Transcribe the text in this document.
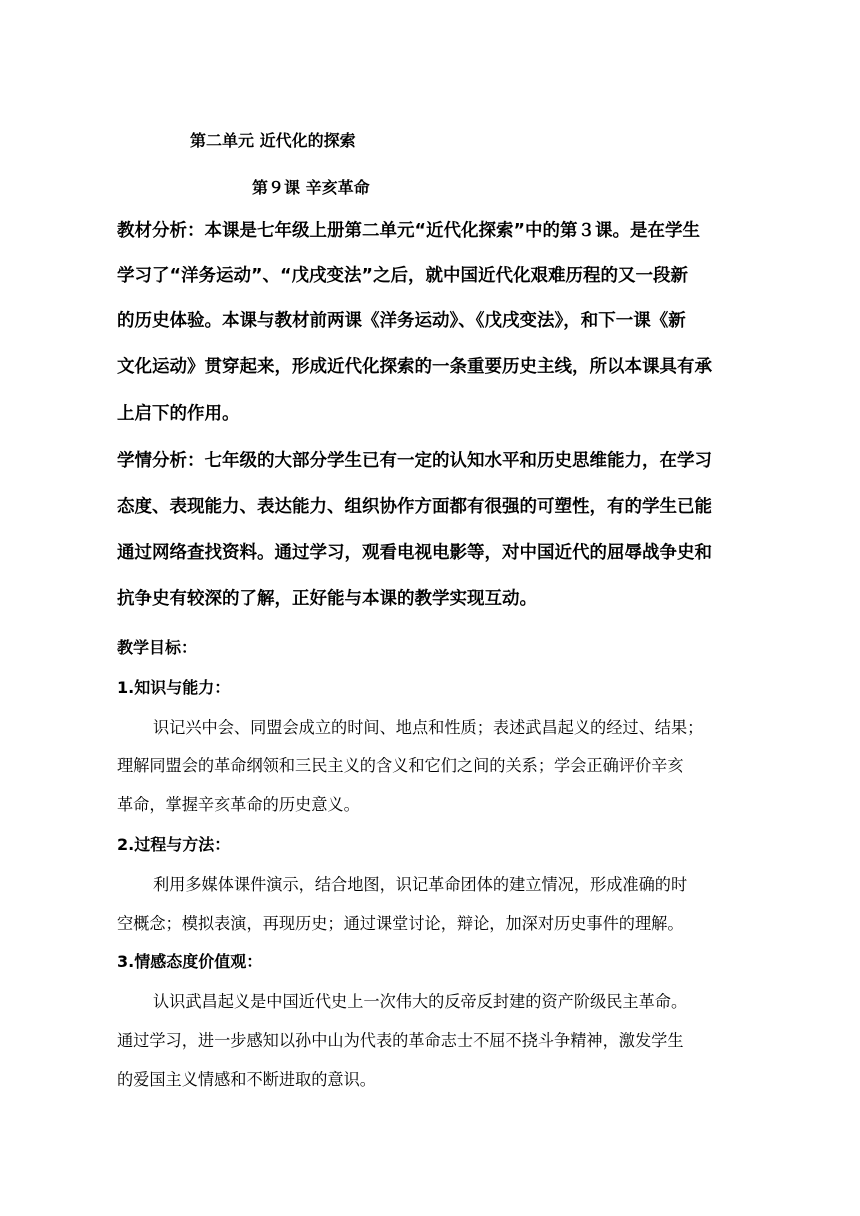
第二单元 近代化的探索
第９课 辛亥革命
教材分析：本课是七年级上册第二单元“近代化探索”中的第３课。是在学生
学习了“洋务运动”、“戊戌变法”之后，就中国近代化艰难历程的又一段新
的历史体验。本课与教材前两课《洋务运动》、《戊戌变法》，和下一课《新
文化运动》贯穿起来，形成近代化探索的一条重要历史主线，所以本课具有承
上启下的作用。
学情分析：七年级的大部分学生已有一定的认知水平和历史思维能力，在学习
态度、表现能力、表达能力、组织协作方面都有很强的可塑性，有的学生已能
通过网络查找资料。通过学习，观看电视电影等，对中国近代的屈辱战争史和
抗争史有较深的了解，正好能与本课的教学实现互动。
教学目标：
1.知识与能力：
识记兴中会、同盟会成立的时间、地点和性质；表述武昌起义的经过、结果；
理解同盟会的革命纲领和三民主义的含义和它们之间的关系；学会正确评价辛亥
革命，掌握辛亥革命的历史意义。
2.过程与方法：
利用多媒体课件演示，结合地图，识记革命团体的建立情况，形成准确的时
空概念；模拟表演，再现历史；通过课堂讨论，辩论，加深对历史事件的理解。
3.情感态度价值观：
认识武昌起义是中国近代史上一次伟大的反帝反封建的资产阶级民主革命。
通过学习，进一步感知以孙中山为代表的革命志士不屈不挠斗争精神，激发学生
的爱国主义情感和不断进取的意识。
